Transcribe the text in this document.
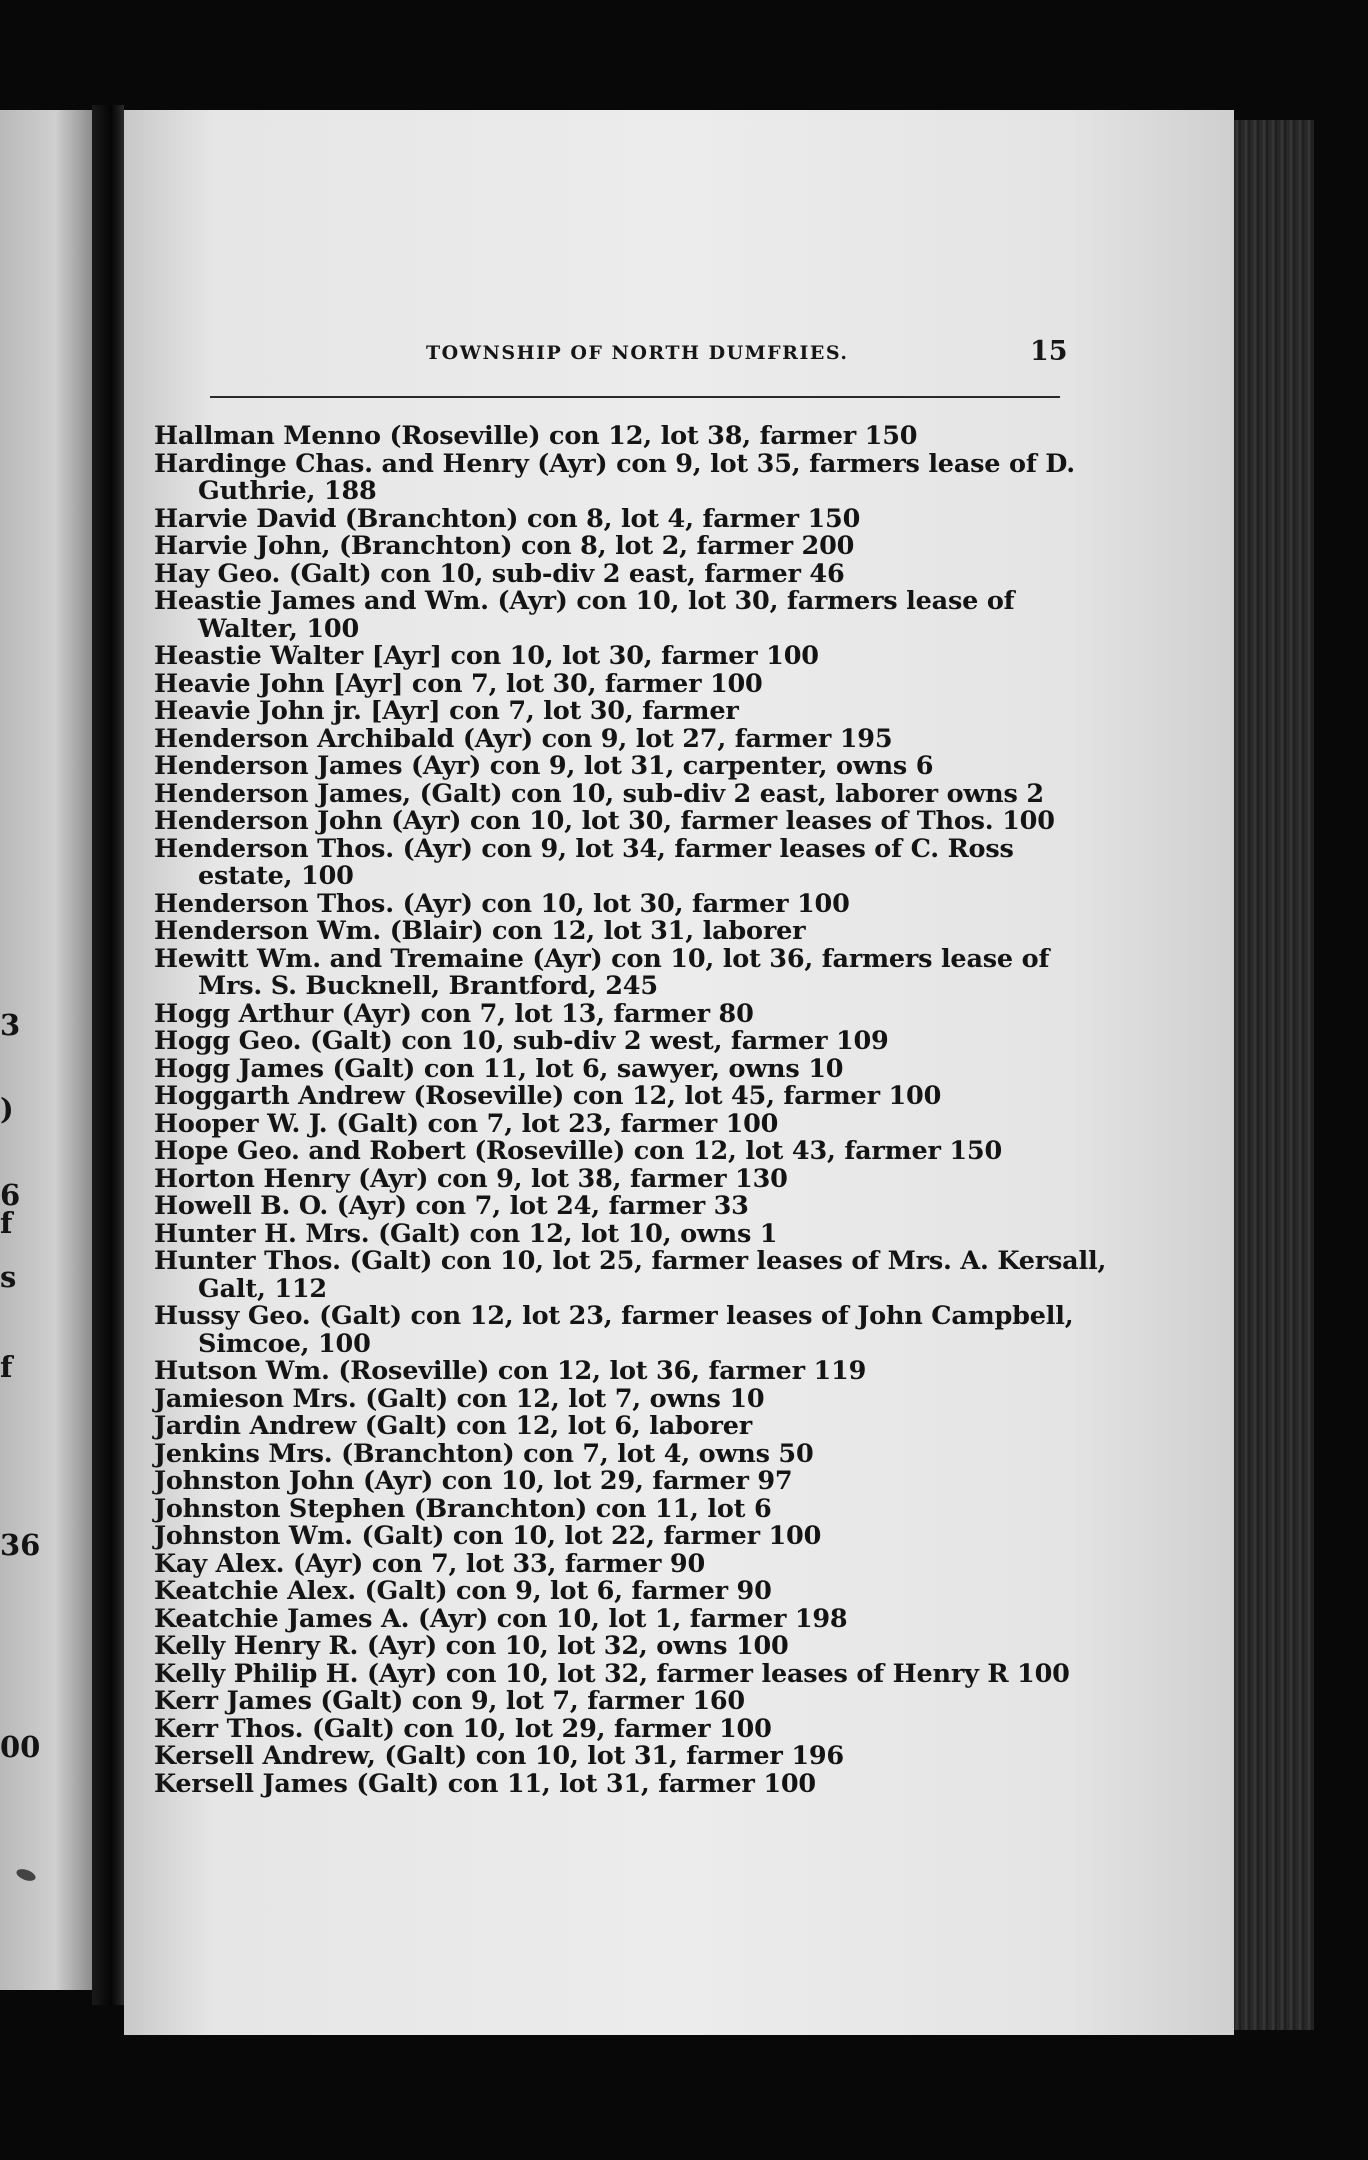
3
)
6
f
s
f
36
00
TOWNSHIP OF NORTH DUMFRIES.	15
Hallman Menno (Roseville) con 12, lot 38, farmer 150
Hardinge Chas. and Henry (Ayr) con 9, lot 35, farmers lease of D. Guthrie, 188
Harvie David (Branchton) con 8, lot 4, farmer 150
Harvie John, (Branchton) con 8, lot 2, farmer 200
Hay Geo. (Galt) con 10, sub-div 2 east, farmer 46
Heastie James and Wm. (Ayr) con 10, lot 30, farmers lease of Walter, 100
Heastie Walter [Ayr] con 10, lot 30, farmer 100
Heavie John [Ayr] con 7, lot 30, farmer 100
Heavie John jr. [Ayr] con 7, lot 30, farmer
Henderson Archibald (Ayr) con 9, lot 27, farmer 195
Henderson James (Ayr) con 9, lot 31, carpenter, owns 6
Henderson James, (Galt) con 10, sub-div 2 east, laborer owns 2
Henderson John (Ayr) con 10, lot 30, farmer leases of Thos. 100
Henderson Thos. (Ayr) con 9, lot 34, farmer leases of C. Ross estate, 100
Henderson Thos. (Ayr) con 10, lot 30, farmer 100
Henderson Wm. (Blair) con 12, lot 31, laborer
Hewitt Wm. and Tremaine (Ayr) con 10, lot 36, farmers lease of Mrs. S. Bucknell, Brantford, 245
Hogg Arthur (Ayr) con 7, lot 13, farmer 80
Hogg Geo. (Galt) con 10, sub-div 2 west, farmer 109
Hogg James (Galt) con 11, lot 6, sawyer, owns 10
Hoggarth Andrew (Roseville) con 12, lot 45, farmer 100
Hooper W. J. (Galt) con 7, lot 23, farmer 100
Hope Geo. and Robert (Roseville) con 12, lot 43, farmer 150
Horton Henry (Ayr) con 9, lot 38, farmer 130
Howell B. O. (Ayr) con 7, lot 24, farmer 33
Hunter H. Mrs. (Galt) con 12, lot 10, owns 1
Hunter Thos. (Galt) con 10, lot 25, farmer leases of Mrs. A. Kersall, Galt, 112
Hussy Geo. (Galt) con 12, lot 23, farmer leases of John Campbell, Simcoe, 100
Hutson Wm. (Roseville) con 12, lot 36, farmer 119
Jamieson Mrs. (Galt) con 12, lot 7, owns 10
Jardin Andrew (Galt) con 12, lot 6, laborer
Jenkins Mrs. (Branchton) con 7, lot 4, owns 50
Johnston John (Ayr) con 10, lot 29, farmer 97
Johnston Stephen (Branchton) con 11, lot 6
Johnston Wm. (Galt) con 10, lot 22, farmer 100
Kay Alex. (Ayr) con 7, lot 33, farmer 90
Keatchie Alex. (Galt) con 9, lot 6, farmer 90
Keatchie James A. (Ayr) con 10, lot 1, farmer 198
Kelly Henry R. (Ayr) con 10, lot 32, owns 100
Kelly Philip H. (Ayr) con 10, lot 32, farmer leases of Henry R 100
Kerr James (Galt) con 9, lot 7, farmer 160
Kerr Thos. (Galt) con 10, lot 29, farmer 100
Kersell Andrew, (Galt) con 10, lot 31, farmer 196
Kersell James (Galt) con 11, lot 31, farmer 100
